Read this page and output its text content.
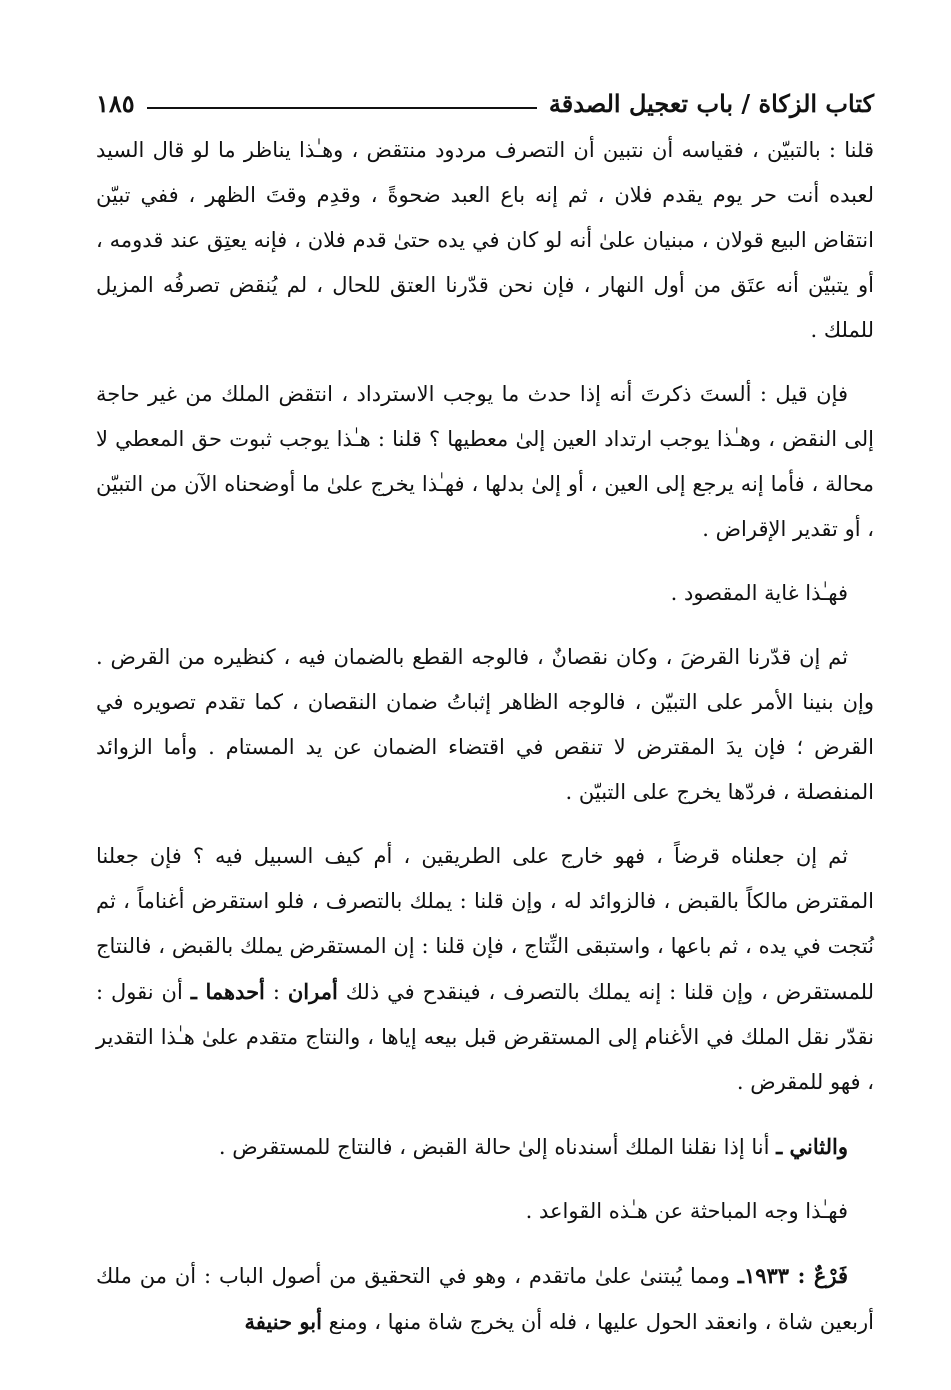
كتاب الزكاة / باب تعجيل الصدقة
١٨٥

قلنا : بالتبيّن ، فقياسه أن نتبين أن التصرف مردود منتقض ، وهـٰذا يناظر ما لو قال السيد لعبده أنت حر يوم يقدم فلان ، ثم إنه باع العبد ضحوةً ، وقدِم وقتَ الظهر ، ففي تبيّن انتقاض البيع قولان ، مبنيان علىٰ أنه لو كان في يده حتىٰ قدم فلان ، فإنه يعتِق عند قدومه ، أو يتبيّن أنه عتَق من أول النهار ، فإن نحن قدّرنا العتق للحال ، لم يُنقض تصرفُه المزيل للملك .

فإن قيل : ألستَ ذكرتَ أنه إذا حدث ما يوجب الاسترداد ، انتقض الملك من غير حاجة إلى النقض ، وهـٰذا يوجب ارتداد العين إلىٰ معطيها ؟ قلنا : هـٰذا يوجب ثبوت حق المعطي لا محالة ، فأما إنه يرجع إلى العين ، أو إلىٰ بدلها ، فهـٰذا يخرج علىٰ ما أوضحناه الآن من التبيّن ، أو تقدير الإقراض .

فهـٰذا غاية المقصود .

ثم إن قدّرنا القرضَ ، وكان نقصانٌ ، فالوجه القطع بالضمان فيه ، كنظيره من القرض . وإن بنينا الأمر على التبيّن ، فالوجه الظاهر إثباتُ ضمان النقصان ، كما تقدم تصويره في القرض ؛ فإن يدَ المقترض لا تنقص في اقتضاء الضمان عن يد المستام . وأما الزوائد المنفصلة ، فردّها يخرج على التبيّن .

ثم إن جعلناه قرضاً ، فهو خارج على الطريقين ، أم كيف السبيل فيه ؟ فإن جعلنا المقترض مالكاً بالقبض ، فالزوائد له ، وإن قلنا : يملك بالتصرف ، فلو استقرض أغناماً ، ثم نُتجت في يده ، ثم باعها ، واستبقى النِّتاج ، فإن قلنا : إن المستقرض يملك بالقبض ، فالنتاج للمستقرض ، وإن قلنا : إنه يملك بالتصرف ، فينقدح في ذلك أمران : أحدهما ـ أن نقول : نقدّر نقل الملك في الأغنام إلى المستقرض قبل بيعه إياها ، والنتاج متقدم علىٰ هـٰذا التقدير ، فهو للمقرض .

والثاني ـ أنا إذا نقلنا الملك أسندناه إلىٰ حالة القبض ، فالنتاج للمستقرض .

فهـٰذا وجه المباحثة عن هـٰذه القواعد .

فَرْعٌ : ١٩٣٣ـ ومما يُبتنىٰ علىٰ ماتقدم ، وهو في التحقيق من أصول الباب : أن من ملك أربعين شاة ، وانعقد الحول عليها ، فله أن يخرج شاة منها ، ومنع أبو حنيفة
